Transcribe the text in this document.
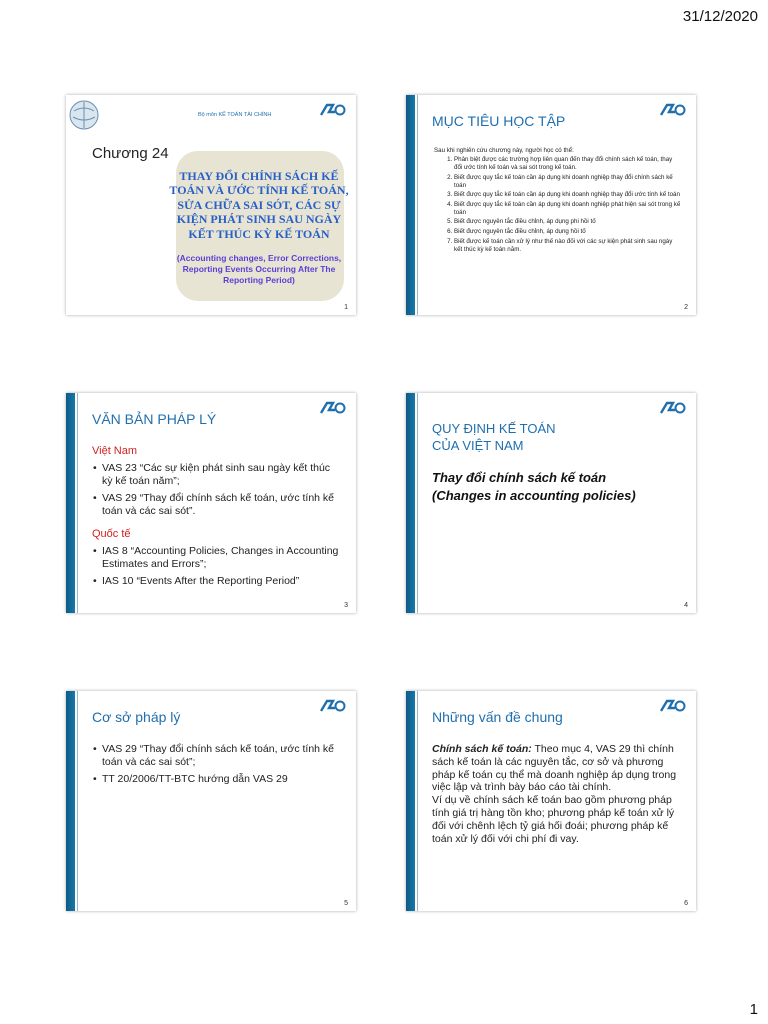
31/12/2020
Bộ môn KẾ TOÁN TÀI CHÍNH
Chương 24
THAY ĐỔI CHÍNH SÁCH KẾ TOÁN VÀ ƯỚC TÍNH KẾ TOÁN, SỬA CHỮA SAI SÓT, CÁC SỰ KIỆN PHÁT SINH SAU NGÀY KẾT THÚC KỲ KẾ TOÁN
(Accounting changes, Error Corrections, Reporting Events Occurring After The Reporting Period)
1
MỤC TIÊU HỌC TẬP
Sau khi nghiên cứu chương này, người học có thể:
1. Phân biệt được các trường hợp liên quan đến thay đổi chính sách kế toán, thay đổi ước tính kế toán và sai sót trong kế toán.
2. Biết được quy tắc kế toán cần áp dụng khi doanh nghiệp thay đổi chính sách kế toán
3. Biết được quy tắc kế toán cần áp dụng khi doanh nghiệp thay đổi ước tính kế toán
4. Biết được quy tắc kế toán cần áp dụng khi doanh nghiệp phát hiện sai sót trong kế toán
5. Biết được nguyên tắc điều chỉnh, áp dụng phi hồi tố
6. Biết được nguyên tắc điều chỉnh, áp dụng hồi tố
7. Biết được kế toán cần xử lý như thế nào đối với các sự kiện phát sinh sau ngày kết thúc kỳ kế toán năm.
2
VĂN BẢN PHÁP LÝ
Việt Nam
• VAS 23 “Các sự kiện phát sinh sau ngày kết thúc kỳ kế toán năm”;
• VAS 29 “Thay đổi chính sách kế toán, ước tính kế toán và các sai sót”.
Quốc tế
• IAS 8 “Accounting Policies, Changes in Accounting Estimates and Errors”;
• IAS 10 “Events After the Reporting Period”
3
QUY ĐỊNH KẾ TOÁN
CỦA VIỆT NAM
Thay đổi chính sách kế toán
(Changes in accounting policies)
4
Cơ sở pháp lý
• VAS 29 “Thay đổi chính sách kế toán, ước tính kế toán và các sai sót”;
• TT 20/2006/TT-BTC hướng dẫn VAS 29
5
Những vấn đề chung
Chính sách kế toán: Theo mục 4, VAS 29 thì chính sách kế toán là các nguyên tắc, cơ sở và phương pháp kế toán cụ thể mà doanh nghiệp áp dụng trong việc lập và trình bày báo cáo tài chính.
Ví dụ về chính sách kế toán bao gồm phương pháp tính giá trị hàng tồn kho; phương pháp kế toán xử lý đối với chênh lệch tỷ giá hối đoái; phương pháp kế toán xử lý đối với chi phí đi vay.
6
1
